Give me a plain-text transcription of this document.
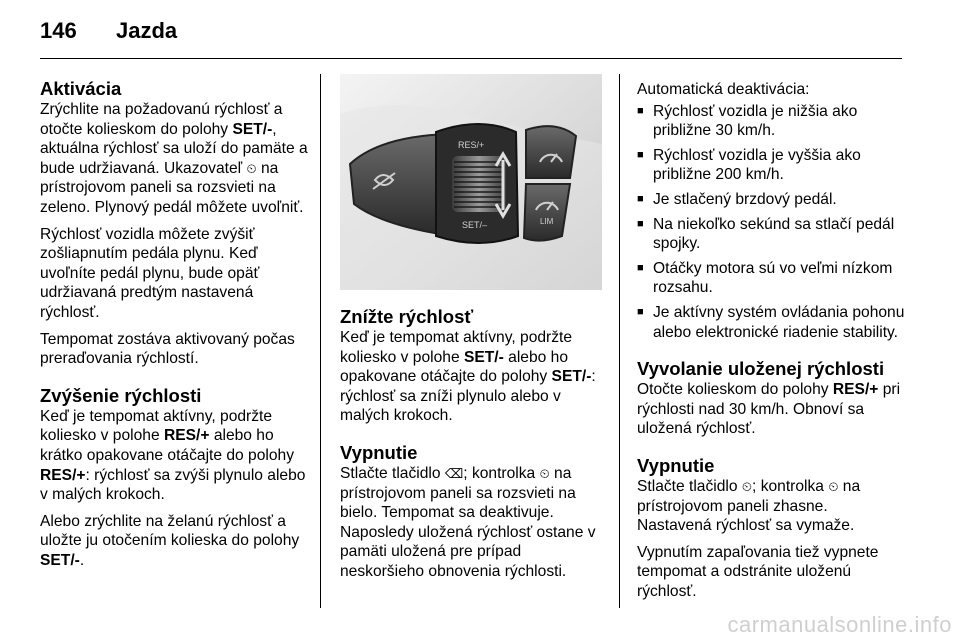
146 Jazda
Aktivácia

Zrýchlite na požadovanú rýchlosť a otočte kolieskom do polohy SET/-, aktuálna rýchlosť sa uloží do pamäte a bude udržiavaná. Ukazovateľ ⏲ na prístrojovom paneli sa rozsvieti na zeleno. Plynový pedál môžete uvoľniť.

Rýchlosť vozidla môžete zvýšiť zošliapnutím pedála plynu. Keď uvoľníte pedál plynu, bude opäť udržiavaná predtým nastavená rýchlosť.

Tempomat zostáva aktivovaný počas preraďovania rýchlostí.

Zvýšenie rýchlosti

Keď je tempomat aktívny, podržte koliesko v polohe RES/+ alebo ho krátko opakovane otáčajte do polohy RES/+: rýchlosť sa zvýši plynulo alebo v malých krokoch.

Alebo zrýchlite na želanú rýchlosť a uložte ju otočením kolieska do polohy SET/-.

RES/+
SET/–	LIM
Znížte rýchlosť

Keď je tempomat aktívny, podržte koliesko v polohe SET/- alebo ho opakovane otáčajte do polohy SET/-: rýchlosť sa zníži plynulo alebo v malých krokoch.

Vypnutie

Stlačte tlačidlo ⌫; kontrolka ⏲ na prístrojovom paneli sa rozsvieti na bielo. Tempomat sa deaktivuje. Naposledy uložená rýchlosť ostane v pamäti uložená pre prípad neskoršieho obnovenia rýchlosti.

Automatická deaktivácia:

■ Rýchlosť vozidla je nižšia ako približne 30 km/h.
■ Rýchlosť vozidla je vyššia ako približne 200 km/h.
■ Je stlačený brzdový pedál.
■ Na niekoľko sekúnd sa stlačí pedál spojky.
■ Otáčky motora sú vo veľmi nízkom rozsahu.
■ Je aktívny systém ovládania pohonu alebo elektronické riadenie stability.
Vyvolanie uloženej rýchlosti

Otočte kolieskom do polohy RES/+ pri rýchlosti nad 30 km/h. Obnoví sa uložená rýchlosť.

Vypnutie

Stlačte tlačidlo ⏲; kontrolka ⏲ na prístrojovom paneli zhasne. Nastavená rýchlosť sa vymaže.

Vypnutím zapaľovania tiež vypnete tempomat a odstránite uloženú rýchlosť.

carmanualsonline.info
